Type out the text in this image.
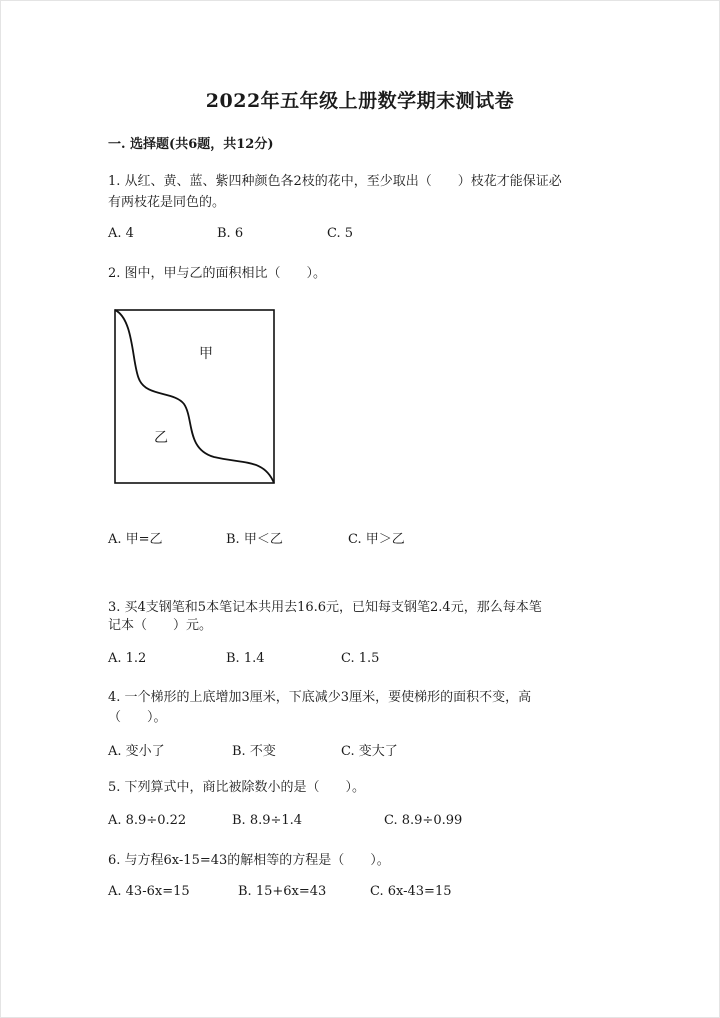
2022年五年级上册数学期末测试卷
一. 选择题(共6题，共12分)
1. 从红、黄、蓝、紫四种颜色各2枝的花中，至少取出（　　）枝花才能保证必
有两枝花是同色的。
A. 4	B. 6	C. 5
2. 图中，甲与乙的面积相比（　　）。
甲
乙
A. 甲=乙	B. 甲＜乙	C. 甲＞乙
3. 买4支钢笔和5本笔记本共用去16.6元，已知每支钢笔2.4元，那么每本笔
记本（　　）元。
A. 1.2	B. 1.4	C. 1.5
4. 一个梯形的上底增加3厘米，下底减少3厘米，要使梯形的面积不变，高
（　　）。
A. 变小了	B. 不变	C. 变大了
5. 下列算式中，商比被除数小的是（　　）。
A. 8.9÷0.22	B. 8.9÷1.4	C. 8.9÷0.99
6. 与方程6x-15=43的解相等的方程是（　　）。
A. 43-6x=15	B. 15+6x=43	C. 6x-43=15
